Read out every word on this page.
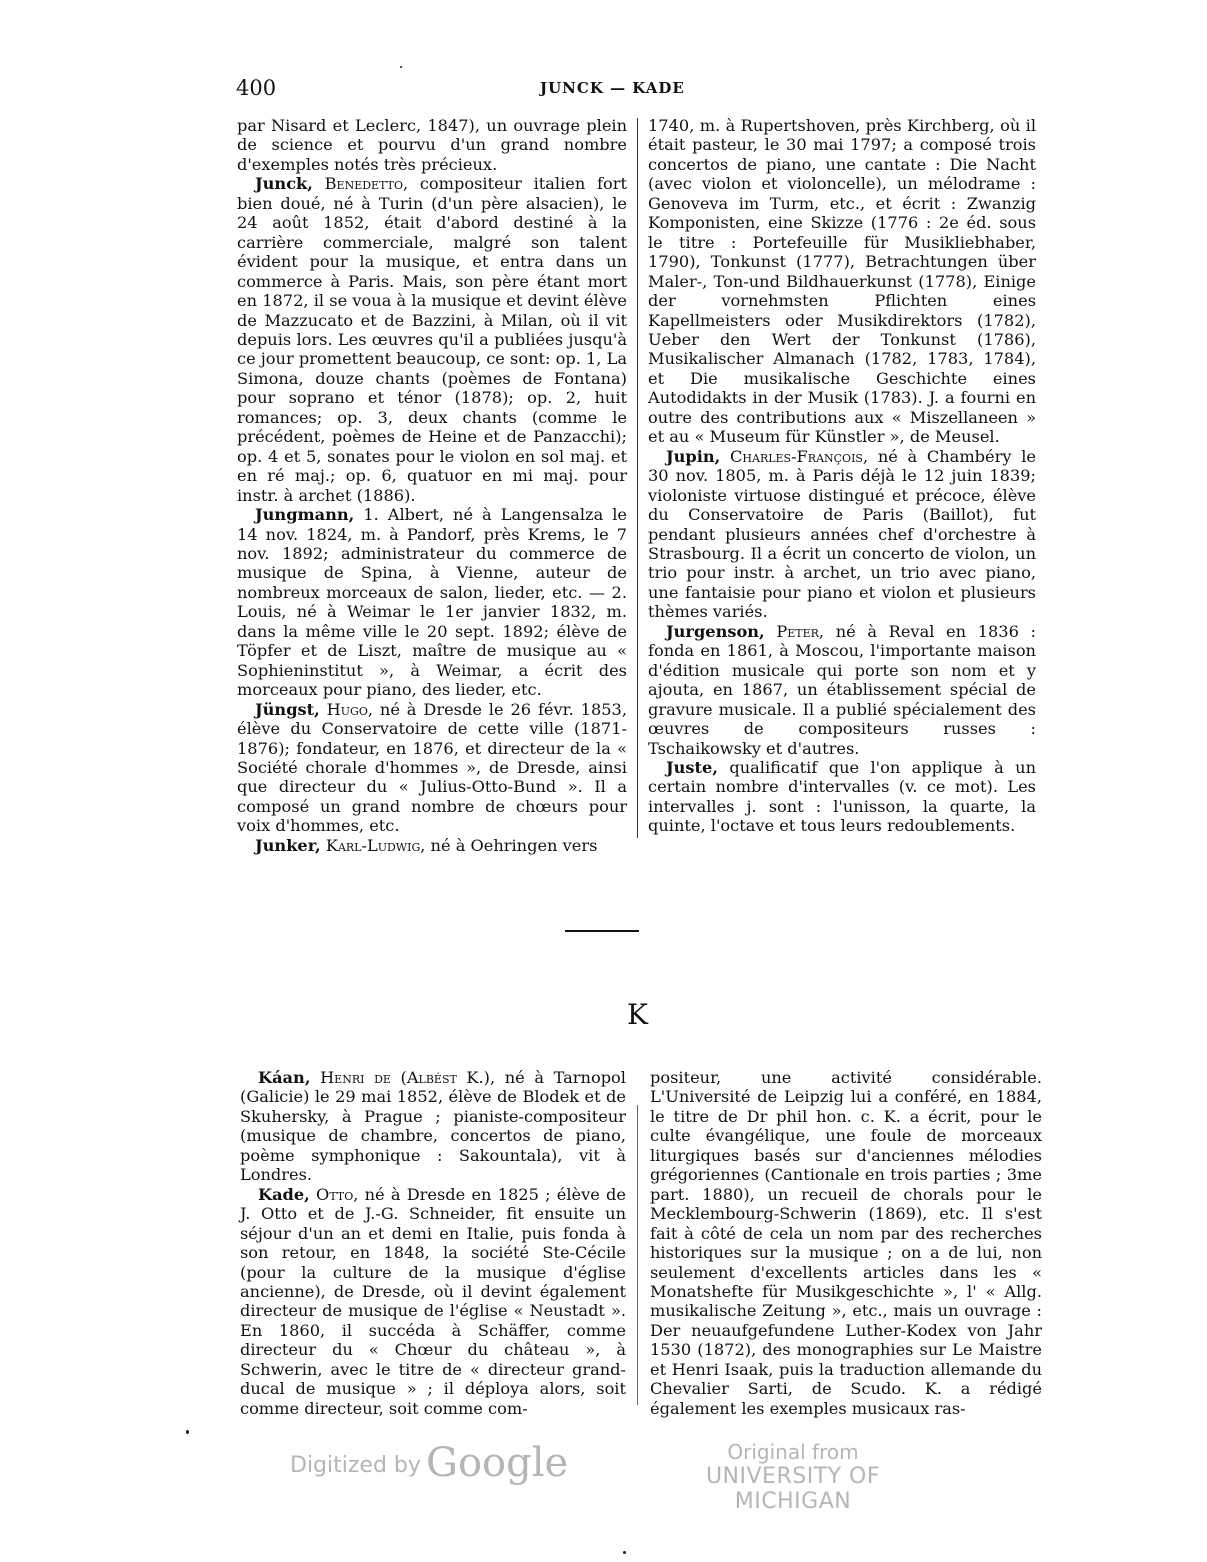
400	JUNCK — KADE

par Nisard et Leclerc, 1847), un ouvrage plein de science et pourvu d'un grand nombre d'exemples notés très précieux.

Junck, Benedetto, compositeur italien fort bien doué, né à Turin (d'un père alsacien), le 24 août 1852, était d'abord destiné à la carrière commerciale, malgré son talent évident pour la musique, et entra dans un commerce à Paris. Mais, son père étant mort en 1872, il se voua à la musique et devint élève de Mazzucato et de Bazzini, à Milan, où il vit depuis lors. Les œuvres qu'il a publiées jusqu'à ce jour promettent beaucoup, ce sont: op. 1, La Simona, douze chants (poèmes de Fontana) pour soprano et ténor (1878); op. 2, huit romances; op. 3, deux chants (comme le précédent, poèmes de Heine et de Panzacchi); op. 4 et 5, sonates pour le violon en sol maj. et en ré maj.; op. 6, quatuor en mi maj. pour instr. à archet (1886).

Jungmann, 1. Albert, né à Langensalza le 14 nov. 1824, m. à Pandorf, près Krems, le 7 nov. 1892; administrateur du commerce de musique de Spina, à Vienne, auteur de nombreux morceaux de salon, lieder, etc. — 2. Louis, né à Weimar le 1er janvier 1832, m. dans la même ville le 20 sept. 1892; élève de Töpfer et de Liszt, maître de musique au « Sophieninstitut », à Weimar, a écrit des morceaux pour piano, des lieder, etc.

Jüngst, Hugo, né à Dresde le 26 févr. 1853, élève du Conservatoire de cette ville (1871-1876); fondateur, en 1876, et directeur de la « Société chorale d'hommes », de Dresde, ainsi que directeur du « Julius-Otto-Bund ». Il a composé un grand nombre de chœurs pour voix d'hommes, etc.

Junker, Karl-Ludwig, né à Oehringen vers

1740, m. à Rupertshoven, près Kirchberg, où il était pasteur, le 30 mai 1797; a composé trois concertos de piano, une cantate : Die Nacht (avec violon et violoncelle), un mélodrame : Genoveva im Turm, etc., et écrit : Zwanzig Komponisten, eine Skizze (1776 : 2e éd. sous le titre : Portefeuille für Musikliebhaber, 1790), Tonkunst (1777), Betrachtungen über Maler-, Ton-und Bildhauerkunst (1778), Einige der vornehmsten Pflichten eines Kapellmeisters oder Musikdirektors (1782), Ueber den Wert der Tonkunst (1786), Musikalischer Almanach (1782, 1783, 1784), et Die musikalische Geschichte eines Autodidakts in der Musik (1783). J. a fourni en outre des contributions aux « Miszellaneen » et au « Museum für Künstler », de Meusel.

Jupin, Charles-François, né à Chambéry le 30 nov. 1805, m. à Paris déjà le 12 juin 1839; violoniste virtuose distingué et précoce, élève du Conservatoire de Paris (Baillot), fut pendant plusieurs années chef d'orchestre à Strasbourg. Il a écrit un concerto de violon, un trio pour instr. à archet, un trio avec piano, une fantaisie pour piano et violon et plusieurs thèmes variés.

Jurgenson, Peter, né à Reval en 1836 : fonda en 1861, à Moscou, l'importante maison d'édition musicale qui porte son nom et y ajouta, en 1867, un établissement spécial de gravure musicale. Il a publié spécialement des œuvres de compositeurs russes : Tschaikowsky et d'autres.

Juste, qualificatif que l'on applique à un certain nombre d'intervalles (v. ce mot). Les intervalles j. sont : l'unisson, la quarte, la quinte, l'octave et tous leurs redoublements.

K

Káan, Henri de (Albést K.), né à Tarnopol (Galicie) le 29 mai 1852, élève de Blodek et de Skuhersky, à Prague ; pianiste-compositeur (musique de chambre, concertos de piano, poème symphonique : Sakountala), vit à Londres.

Kade, Otto, né à Dresde en 1825 ; élève de J. Otto et de J.-G. Schneider, fit ensuite un séjour d'un an et demi en Italie, puis fonda à son retour, en 1848, la société Ste-Cécile (pour la culture de la musique d'église ancienne), de Dresde, où il devint également directeur de musique de l'église « Neustadt ». En 1860, il succéda à Schäffer, comme directeur du « Chœur du château », à Schwerin, avec le titre de « directeur grand-ducal de musique » ; il déploya alors, soit comme directeur, soit comme com-

positeur, une activité considérable. L'Université de Leipzig lui a conféré, en 1884, le titre de Dr phil hon. c. K. a écrit, pour le culte évangélique, une foule de morceaux liturgiques basés sur d'anciennes mélodies grégoriennes (Cantionale en trois parties ; 3me part. 1880), un recueil de chorals pour le Mecklembourg-Schwerin (1869), etc. Il s'est fait à côté de cela un nom par des recherches historiques sur la musique ; on a de lui, non seulement d'excellents articles dans les « Monatshefte für Musikgeschichte », l' « Allg. musikalische Zeitung », etc., mais un ouvrage : Der neuaufgefundene Luther-Kodex von Jahr 1530 (1872), des monographies sur Le Maistre et Henri Isaak, puis la traduction allemande du Chevalier Sarti, de Scudo. K. a rédigé également les exemples musicaux ras-

Digitized by Google	Original from
UNIVERSITY OF MICHIGAN
